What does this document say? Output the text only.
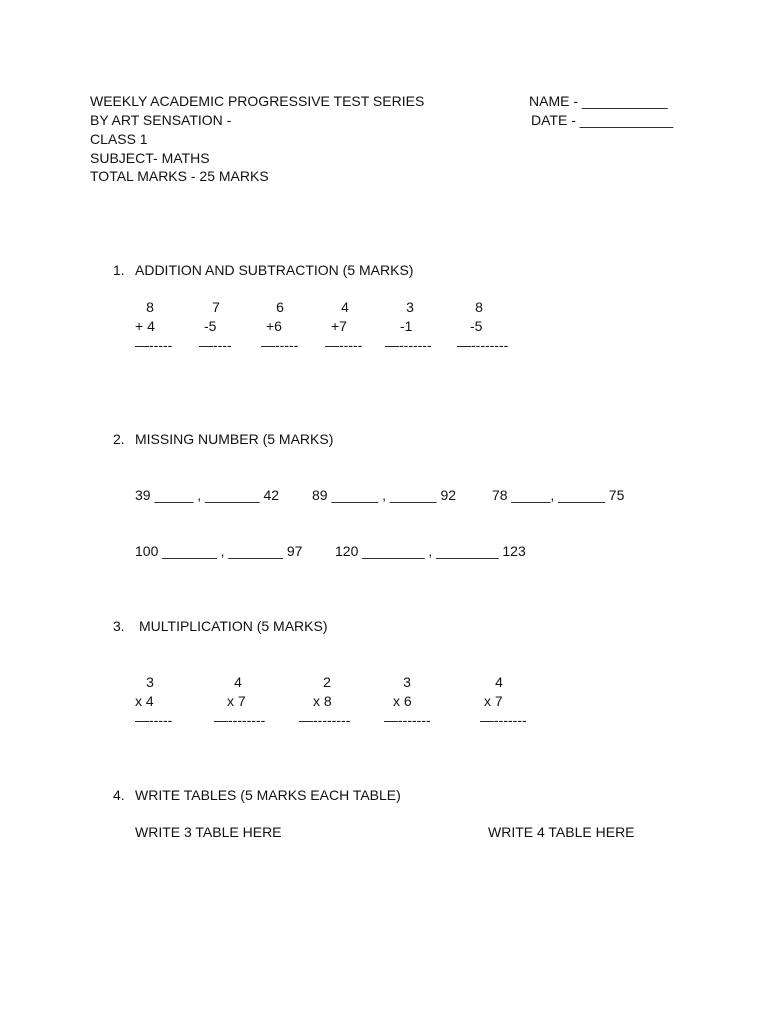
WEEKLY ACADEMIC PROGRESSIVE TEST SERIES
BY ART SENSATION -
CLASS 1
SUBJECT- MATHS
TOTAL MARKS - 25 MARKS
NAME - ___________
DATE - ____________
1. ADDITION AND SUBTRACTION (5 MARKS)
8
+ 4
—-----
7
-5
—----
6
+6
—-----
4
+7
—-----
3
-1
—-------
8
-5
—--------
2. MISSING NUMBER (5 MARKS)
39 _____ , _______ 42 89 ______ , ______ 92	78 _____, ______ 75
100 _______ , _______ 97 120 ________ , ________ 123
3. MULTIPLICATION (5 MARKS)
3
x 4
—-----
4
x 7
—--------
2
x 8
—--------
3
x 6
—-------
4
x 7
—-------
4. WRITE TABLES (5 MARKS EACH TABLE)
WRITE 3 TABLE HERE	WRITE 4 TABLE HERE
